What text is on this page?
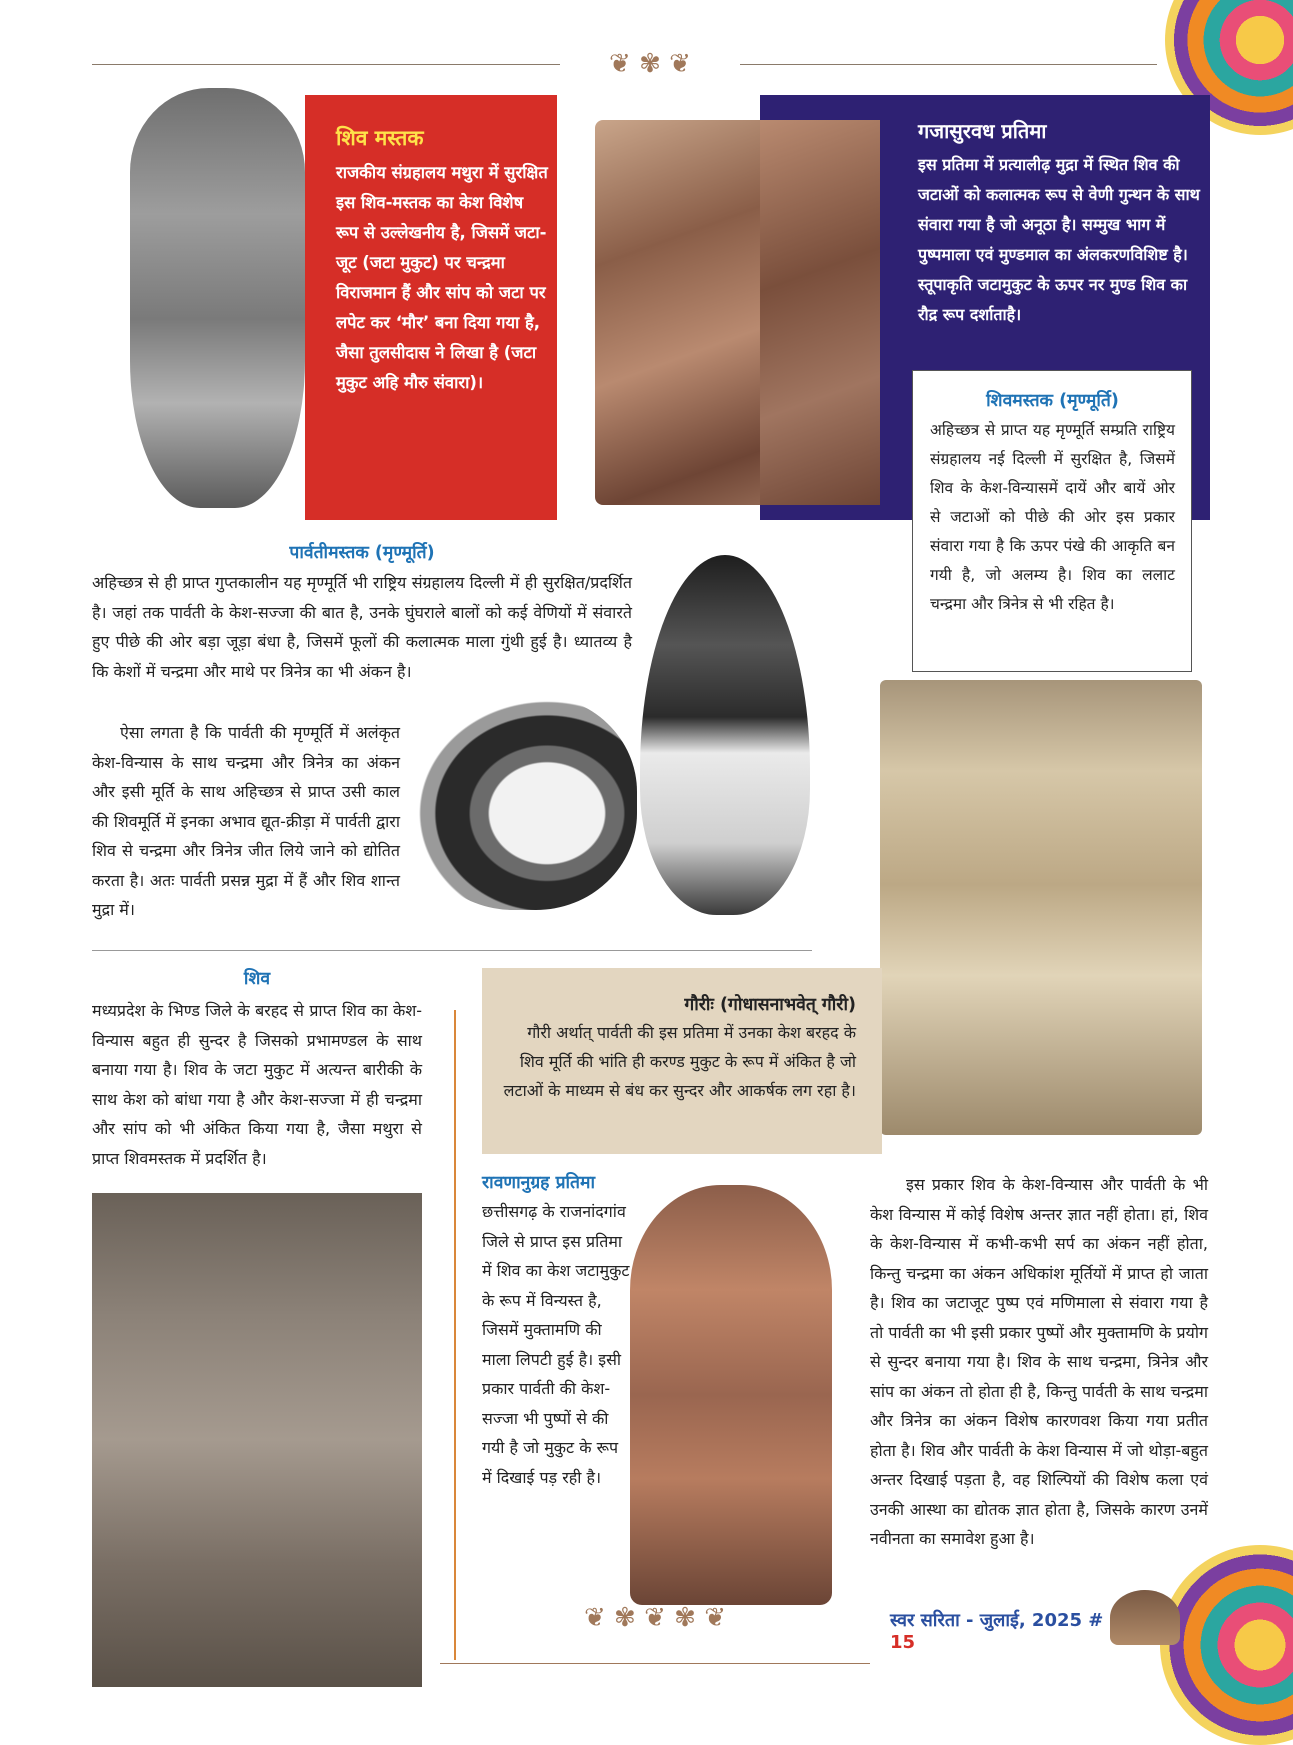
❦ ✾ ❦
शिव मस्तक
राजकीय संग्रहालय मथुरा में सुरक्षित इस शिव-मस्तक का केश विशेष रूप से उल्लेखनीय है, जिसमें जटा-जूट (जटा मुकुट) पर चन्द्रमा विराजमान हैं और सांप को जटा पर लपेट कर ‘मौर’ बना दिया गया है, जैसा तुलसीदास ने लिखा है (जटा मुकुट अहि मौरु संवारा)।
गजासुरवध प्रतिमा
इस प्रतिमा में प्रत्यालीढ़ मुद्रा में स्थित शिव की जटाओं को कलात्मक रूप से वेणी गुन्थन के साथ संवारा गया है जो अनूठा है। सम्मुख भाग में पुष्पमाला एवं मुण्डमाल का अंलकरणविशिष्ट है। स्तूपाकृति जटामुकुट के ऊपर नर मुण्ड शिव का रौद्र रूप दर्शाताहै।
शिवमस्तक (मृण्मूर्ति)
अहिच्छत्र से प्राप्त यह मृण्मूर्ति सम्प्रति राष्ट्रिय संग्रहालय नई दिल्ली में सुरक्षित है, जिसमें शिव के केश-विन्यासमें दायें और बायें ओर से जटाओं को पीछे की ओर इस प्रकार संवारा गया है कि ऊपर पंखे की आकृति बन गयी है, जो अलम्य है। शिव का ललाट चन्द्रमा और त्रिनेत्र से भी रहित है।
पार्वतीमस्तक (मृण्मूर्ति)
अहिच्छत्र से ही प्राप्त गुप्तकालीन यह मृण्मूर्ति भी राष्ट्रिय संग्रहालय दिल्ली में ही सुरक्षित/प्रदर्शित है। जहां तक पार्वती के केश-सज्जा की बात है, उनके घुंघराले बालों को कई वेणियों में संवारते हुए पीछे की ओर बड़ा जूड़ा बंधा है, जिसमें फूलों की कलात्मक माला गुंथी हुई है। ध्यातव्य है कि केशों में चन्द्रमा और माथे पर त्रिनेत्र का भी अंकन है।
ऐसा लगता है कि पार्वती की मृण्मूर्ति में अलंकृत केश-विन्यास के साथ चन्द्रमा और त्रिनेत्र का अंकन और इसी मूर्ति के साथ अहिच्छत्र से प्राप्त उसी काल की शिवमूर्ति में इनका अभाव द्यूत-क्रीड़ा में पार्वती द्वारा शिव से चन्द्रमा और त्रिनेत्र जीत लिये जाने को द्योतित करता है। अतः पार्वती प्रसन्न मुद्रा में हैं और शिव शान्त मुद्रा में।
शिव
मध्यप्रदेश के भिण्ड जिले के बरहद से प्राप्त शिव का केश-विन्यास बहुत ही सुन्दर है जिसको प्रभामण्डल के साथ बनाया गया है। शिव के जटा मुकुट में अत्यन्त बारीकी के साथ केश को बांधा गया है और केश-सज्जा में ही चन्द्रमा और सांप को भी अंकित किया गया है, जैसा मथुरा से प्राप्त शिवमस्तक में प्रदर्शित है।
गौरीः (गोधासनाभवेत् गौरी)
गौरी अर्थात् पार्वती की इस प्रतिमा में उनका केश बरहद के शिव मूर्ति की भांति ही करण्ड मुकुट के रूप में अंकित है जो लटाओं के माध्यम से बंध कर सुन्दर और आकर्षक लग रहा है।
रावणानुग्रह प्रतिमा
छत्तीसगढ़ के राजनांदगांव जिले से प्राप्त इस प्रतिमा में शिव का केश जटामुकुट के रूप में विन्यस्त है, जिसमें मुक्तामणि की माला लिपटी हुई है। इसी प्रकार पार्वती की केश-सज्जा भी पुष्पों से की गयी है जो मुकुट के रूप में दिखाई पड़ रही है।
इस प्रकार शिव के केश-विन्यास और पार्वती के भी केश विन्यास में कोई विशेष अन्तर ज्ञात नहीं होता। हां, शिव के केश-विन्यास में कभी-कभी सर्प का अंकन नहीं होता, किन्तु चन्द्रमा का अंकन अधिकांश मूर्तियों में प्राप्त हो जाता है। शिव का जटाजूट पुष्प एवं मणिमाला से संवारा गया है तो पार्वती का भी इसी प्रकार पुष्पों और मुक्तामणि के प्रयोग से सुन्दर बनाया गया है। शिव के साथ चन्द्रमा, त्रिनेत्र और सांप का अंकन तो होता ही है, किन्तु पार्वती के साथ चन्द्रमा और त्रिनेत्र का अंकन विशेष कारणवश किया गया प्रतीत होता है। शिव और पार्वती के केश विन्यास में जो थोड़ा-बहुत अन्तर दिखाई पड़ता है, वह शिल्पियों की विशेष कला एवं उनकी आस्था का द्योतक ज्ञात होता है, जिसके कारण उनमें नवीनता का समावेश हुआ है।
❦ ✾ ❦ ✾ ❦	स्वर सरिता - जुलाई, 2025 # 15
